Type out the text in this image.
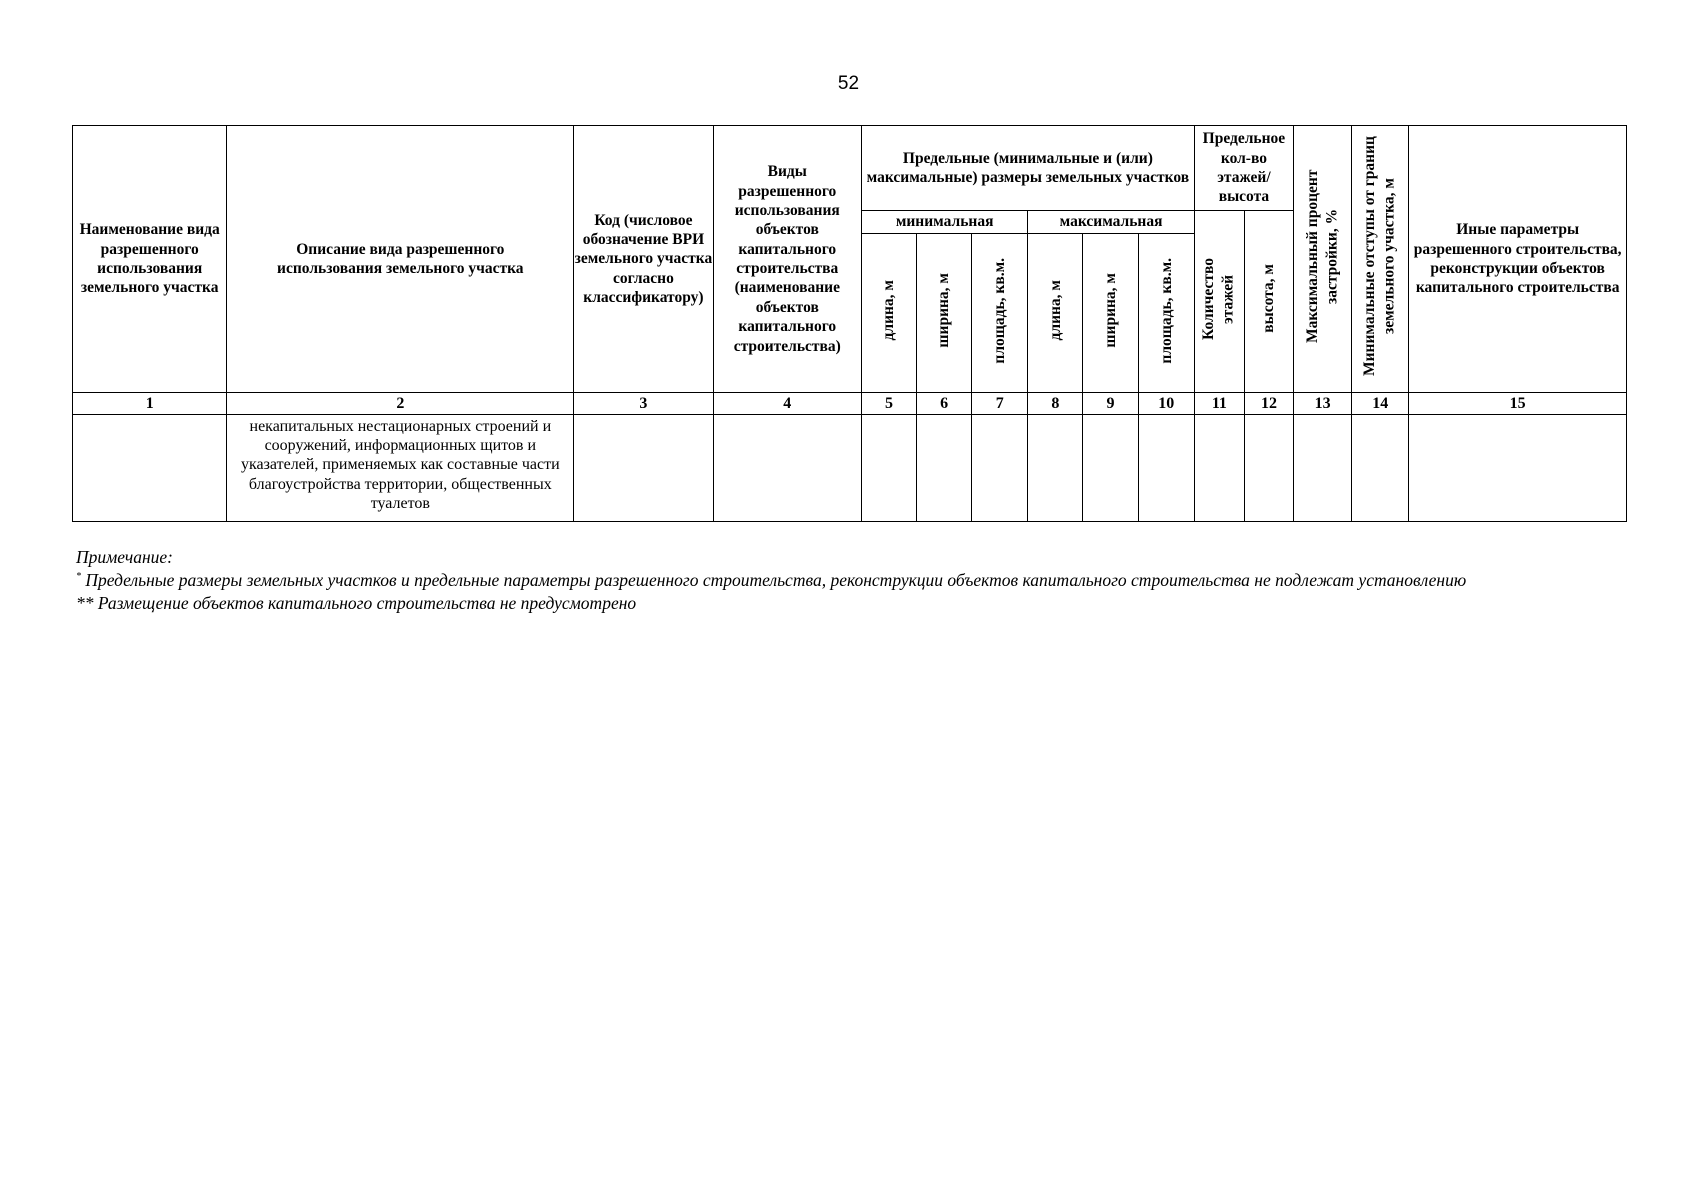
52
Наименование вида разрешенного использования земельного участка	Описание вида разрешенного использования земельного участка	Код (числовое обозначение ВРИ земельного участка согласно классификатору)	Виды разрешенного использования объектов капитального строительства (наименование объектов капитального строительства)	Предельные (минимальные и (или) максимальные) размеры земельных участков						Предельное кол-во этажей/ высота		Максимальный процент застройки, %	Минимальные отступы от границ земельного участка, м	Иные параметры разрешенного строительства, реконструкции объектов капитального строительства
				минимальная			максимальная			Количество этажей	высота, м			
				длина, м	ширина, м	площадь, кв.м.	длина, м	ширина, м	площадь, кв.м.					
1	2	3	4	5	6	7	8	9	10	11	12	13	14	15
	некапитальных нестационарных строений и сооружений, информационных щитов и указателей, применяемых как составные части благоустройства территории, общественных туалетов													

Примечание:

* Предельные размеры земельных участков и предельные параметры разрешенного строительства, реконструкции объектов капитального строительства не подлежат установлению

** Размещение объектов капитального строительства не предусмотрено
